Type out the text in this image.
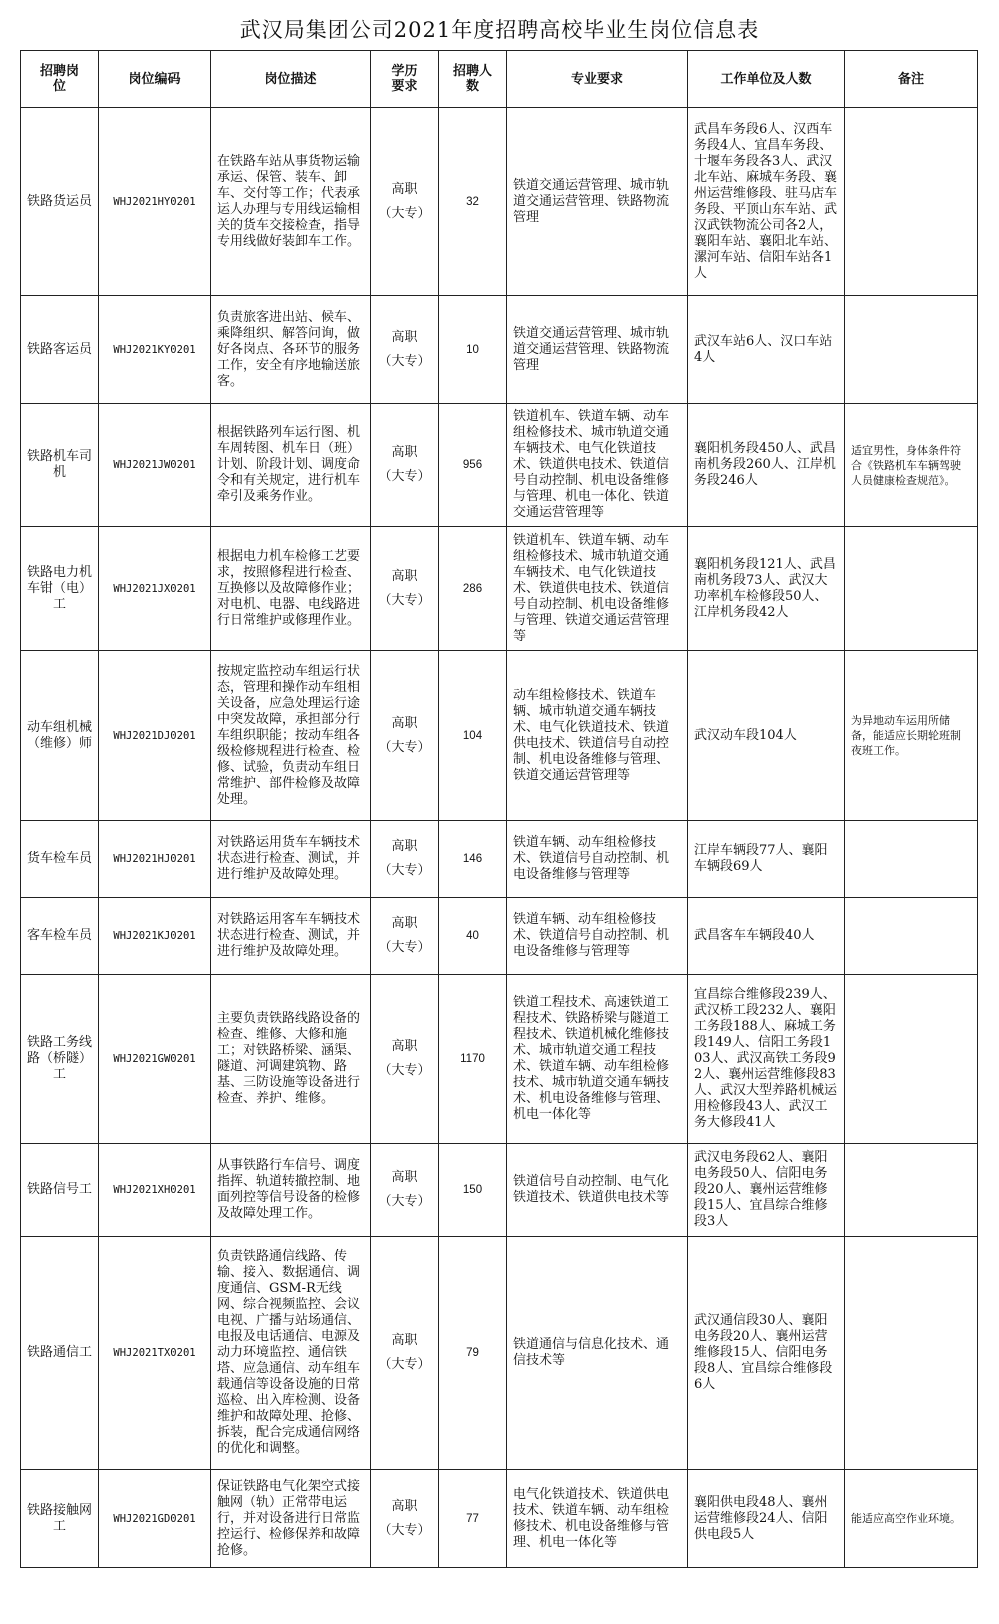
武汉局集团公司2021年度招聘高校毕业生岗位信息表
招聘岗位	岗位编码	岗位描述	学历要求	招聘人数	专业要求	工作单位及人数	备注
铁路货运员	WHJ2021HY0201	在铁路车站从事货物运输承运、保管、装车、卸车、交付等工作；代表承运人办理与专用线运输相关的货车交接检查，指导专用线做好装卸车工作。	高职
（大专）	32	铁道交通运营管理、城市轨道交通运营管理、铁路物流管理	武昌车务段6人、汉西车务段4人、宜昌车务段、十堰车务段各3人、武汉北车站、麻城车务段、襄州运营维修段、驻马店车务段、平顶山东车站、武汉武铁物流公司各2人，襄阳车站、襄阳北车站、漯河车站、信阳车站各1人	
铁路客运员	WHJ2021KY0201	负责旅客进出站、候车、乘降组织、解答问询，做好各岗点、各环节的服务工作，安全有序地输送旅客。	高职
（大专）	10	铁道交通运营管理、城市轨道交通运营管理、铁路物流管理	武汉车站6人、汉口车站4人	
铁路机车司机	WHJ2021JW0201	根据铁路列车运行图、机车周转图、机车日（班）计划、阶段计划、调度命令和有关规定，进行机车牵引及乘务作业。	高职
（大专）	956	铁道机车、铁道车辆、动车组检修技术、城市轨道交通车辆技术、电气化铁道技术、铁道供电技术、铁道信号自动控制、机电设备维修与管理、机电一体化、铁道交通运营管理等	襄阳机务段450人、武昌南机务段260人、江岸机务段246人	适宜男性，身体条件符合《铁路机车车辆驾驶人员健康检查规范》。
铁路电力机车钳（电）工	WHJ2021JX0201	根据电力机车检修工艺要求，按照修程进行检查、互换修以及故障修作业；对电机、电器、电线路进行日常维护或修理作业。	高职
（大专）	286	铁道机车、铁道车辆、动车组检修技术、城市轨道交通车辆技术、电气化铁道技术、铁道供电技术、铁道信号自动控制、机电设备维修与管理、铁道交通运营管理等	襄阳机务段121人、武昌南机务段73人、武汉大功率机车检修段50人、江岸机务段42人	
动车组机械（维修）师	WHJ2021DJ0201	按规定监控动车组运行状态，管理和操作动车组相关设备，应急处理运行途中突发故障，承担部分行车组织职能；按动车组各级检修规程进行检查、检修、试验，负责动车组日常维护、部件检修及故障处理。	高职
（大专）	104	动车组检修技术、铁道车辆、城市轨道交通车辆技术、电气化铁道技术、铁道供电技术、铁道信号自动控制、机电设备维修与管理、铁道交通运营管理等	武汉动车段104人	为异地动车运用所储备，能适应长期轮班制夜班工作。
货车检车员	WHJ2021HJ0201	对铁路运用货车车辆技术状态进行检查、测试，并进行维护及故障处理。	高职
（大专）	146	铁道车辆、动车组检修技术、铁道信号自动控制、机电设备维修与管理等	江岸车辆段77人、襄阳车辆段69人	
客车检车员	WHJ2021KJ0201	对铁路运用客车车辆技术状态进行检查、测试，并进行维护及故障处理。	高职
（大专）	40	铁道车辆、动车组检修技术、铁道信号自动控制、机电设备维修与管理等	武昌客车车辆段40人	
铁路工务线路（桥隧）工	WHJ2021GW0201	主要负责铁路线路设备的检查、维修、大修和施工；对铁路桥梁、涵渠、隧道、河调建筑物、路基、三防设施等设备进行检查、养护、维修。	高职
（大专）	1170	铁道工程技术、高速铁道工程技术、铁路桥梁与隧道工程技术、铁道机械化维修技术、城市轨道交通工程技术、铁道车辆、动车组检修技术、城市轨道交通车辆技术、机电设备维修与管理、机电一体化等	宜昌综合维修段239人、武汉桥工段232人、襄阳工务段188人、麻城工务段149人、信阳工务段103人、武汉高铁工务段92人、襄州运营维修段83人、武汉大型养路机械运用检修段43人、武汉工务大修段41人	
铁路信号工	WHJ2021XH0201	从事铁路行车信号、调度指挥、轨道转撤控制、地面列控等信号设备的检修及故障处理工作。	高职
（大专）	150	铁道信号自动控制、电气化铁道技术、铁道供电技术等	武汉电务段62人、襄阳电务段50人、信阳电务段20人、襄州运营维修段15人、宜昌综合维修段3人	
铁路通信工	WHJ2021TX0201	负责铁路通信线路、传输、接入、数据通信、调度通信、GSM-R无线网、综合视频监控、会议电视、广播与站场通信、电报及电话通信、电源及动力环境监控、通信铁塔、应急通信、动车组车载通信等设备设施的日常巡检、出入库检测、设备维护和故障处理、抢修、拆装，配合完成通信网络的优化和调整。	高职
（大专）	79	铁道通信与信息化技术、通信技术等	武汉通信段30人、襄阳电务段20人、襄州运营维修段15人、信阳电务段8人、宜昌综合维修段6人	
铁路接触网工	WHJ2021GD0201	保证铁路电气化架空式接触网（轨）正常带电运行，并对设备进行日常监控运行、检修保养和故障抢修。	高职
（大专）	77	电气化铁道技术、铁道供电技术、铁道车辆、动车组检修技术、机电设备维修与管理、机电一体化等	襄阳供电段48人、襄州运营维修段24人、信阳供电段5人	能适应高空作业环境。
